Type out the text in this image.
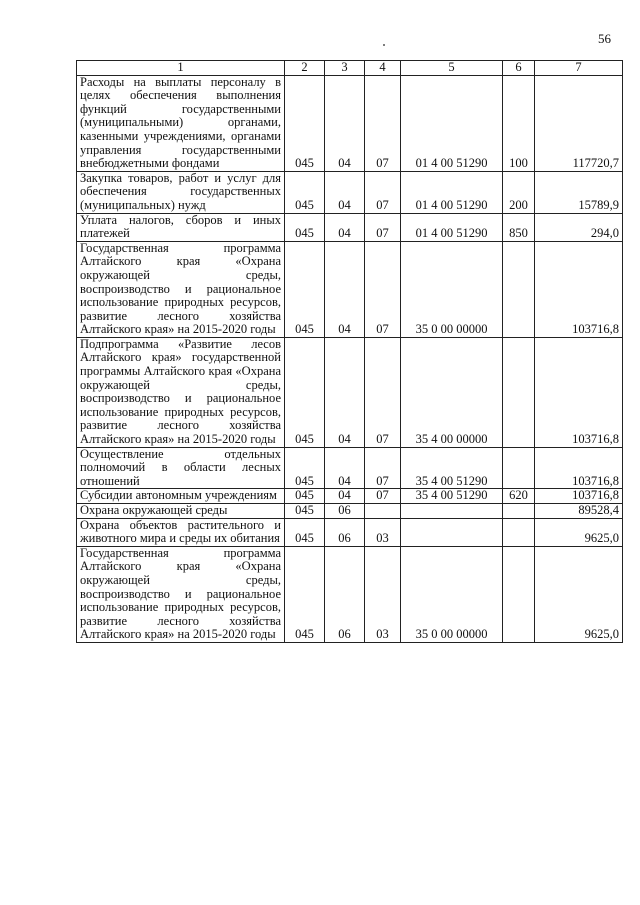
56
1	2	3	4	5	6	7
Расходы на выплаты персоналу в целях обеспечения выполнения функций государственными (муниципальными) органами, казенными учреждениями, органами управления государственными внебюджетными фондами	045	04	07	01 4 00 51290	100	117720,7
Закупка товаров, работ и услуг для обеспечения государственных (муниципальных) нужд	045	04	07	01 4 00 51290	200	15789,9
Уплата налогов, сборов и иных платежей	045	04	07	01 4 00 51290	850	294,0
Государственная программа Алтайского края «Охрана окружающей среды, воспроизводство и рациональное использование природных ресурсов, развитие лесного хозяйства Алтайского края» на 2015-2020 годы	045	04	07	35 0 00 00000		103716,8
Подпрограмма «Развитие лесов Алтайского края» государственной программы Алтайского края «Охрана окружающей среды, воспроизводство и рациональное использование природных ресурсов, развитие лесного хозяйства Алтайского края» на 2015-2020 годы	045	04	07	35 4 00 00000		103716,8
Осуществление отдельных полномочий в области лесных отношений	045	04	07	35 4 00 51290		103716,8
Субсидии автономным учреждениям	045	04	07	35 4 00 51290	620	103716,8
Охрана окружающей среды	045	06				89528,4
Охрана объектов растительного и животного мира и среды их обитания	045	06	03			9625,0
Государственная программа Алтайского края «Охрана окружающей среды, воспроизводство и рациональное использование природных ресурсов, развитие лесного хозяйства Алтайского края» на 2015-2020 годы	045	06	03	35 0 00 00000		9625,0
